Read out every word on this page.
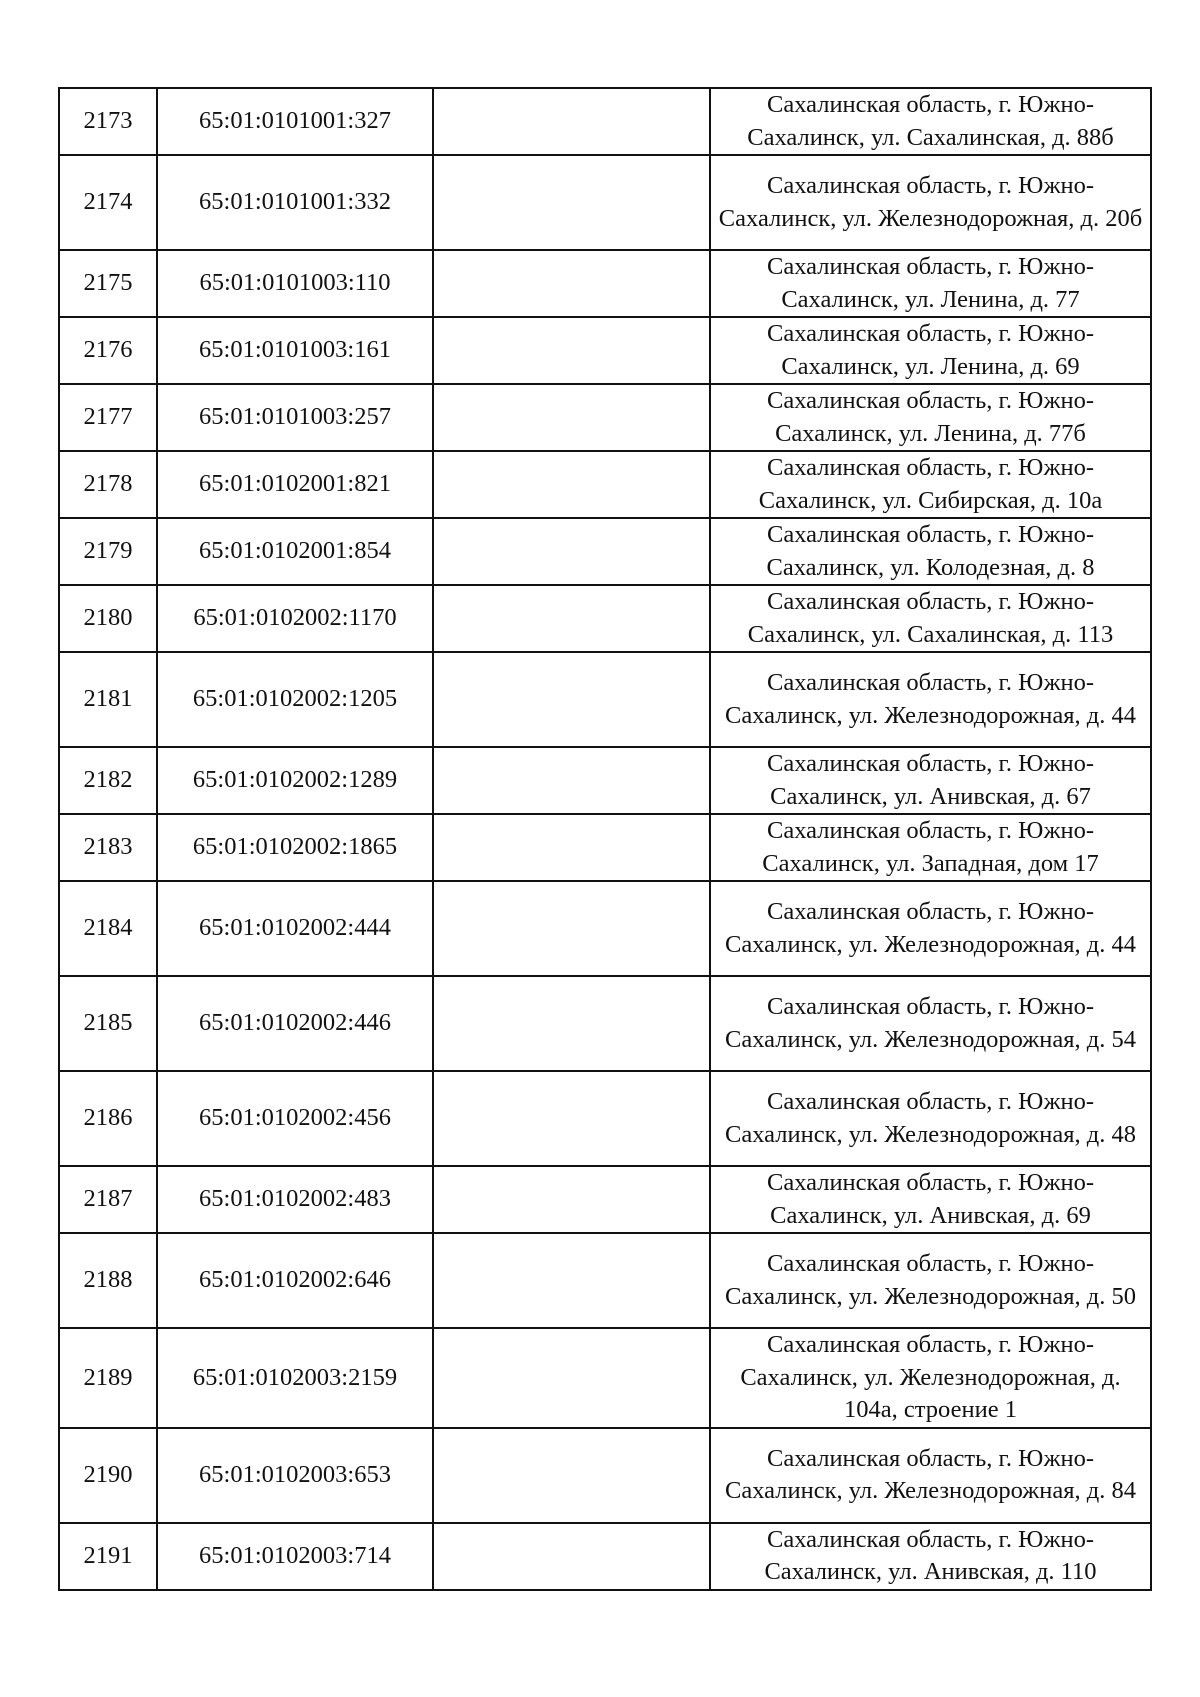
2173	65:01:0101001:327		Сахалинская область, г. Южно-Сахалинск, ул. Сахалинская, д. 88б
2174	65:01:0101001:332		Сахалинская область, г. Южно-Сахалинск, ул. Железнодорожная, д. 20б
2175	65:01:0101003:110		Сахалинская область, г. Южно-Сахалинск, ул. Ленина, д. 77
2176	65:01:0101003:161		Сахалинская область, г. Южно-Сахалинск, ул. Ленина, д. 69
2177	65:01:0101003:257		Сахалинская область, г. Южно-Сахалинск, ул. Ленина, д. 77б
2178	65:01:0102001:821		Сахалинская область, г. Южно-Сахалинск, ул. Сибирская, д. 10а
2179	65:01:0102001:854		Сахалинская область, г. Южно-Сахалинск, ул. Колодезная, д. 8
2180	65:01:0102002:1170		Сахалинская область, г. Южно-Сахалинск, ул. Сахалинская, д. 113
2181	65:01:0102002:1205		Сахалинская область, г. Южно-Сахалинск, ул. Железнодорожная, д. 44
2182	65:01:0102002:1289		Сахалинская область, г. Южно-Сахалинск, ул. Анивская, д. 67
2183	65:01:0102002:1865		Сахалинская область, г. Южно-Сахалинск, ул. Западная, дом 17
2184	65:01:0102002:444		Сахалинская область, г. Южно-Сахалинск, ул. Железнодорожная, д. 44
2185	65:01:0102002:446		Сахалинская область, г. Южно-Сахалинск, ул. Железнодорожная, д. 54
2186	65:01:0102002:456		Сахалинская область, г. Южно-Сахалинск, ул. Железнодорожная, д. 48
2187	65:01:0102002:483		Сахалинская область, г. Южно-Сахалинск, ул. Анивская, д. 69
2188	65:01:0102002:646		Сахалинская область, г. Южно-Сахалинск, ул. Железнодорожная, д. 50
2189	65:01:0102003:2159		Сахалинская область, г. Южно-Сахалинск, ул. Железнодорожная, д. 104а, строение 1
2190	65:01:0102003:653		Сахалинская область, г. Южно-Сахалинск, ул. Железнодорожная, д. 84
2191	65:01:0102003:714		Сахалинская область, г. Южно-Сахалинск, ул. Анивская, д. 110
